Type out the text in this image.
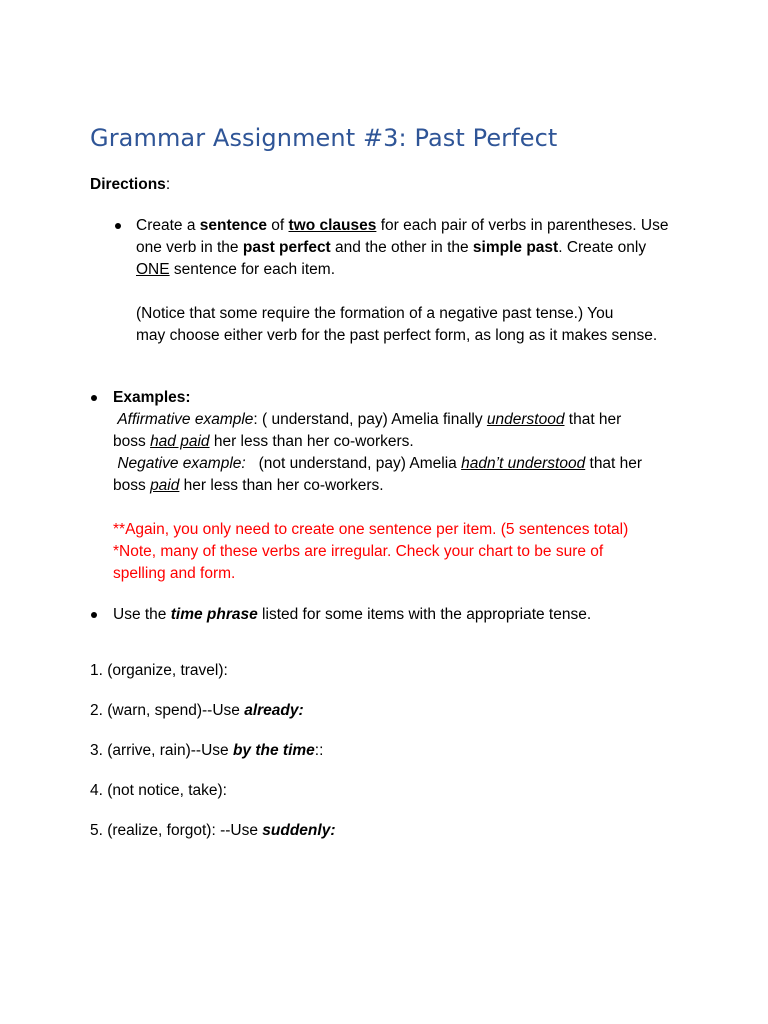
Grammar Assignment #3: Past Perfect
Directions:
Create a sentence of two clauses for each pair of verbs in parentheses. Use
one verb in the past perfect and the other in the simple past. Create only
ONE sentence for each item.
(Notice that some require the formation of a negative past tense.) You
may choose either verb for the past perfect form, as long as it makes sense.
Examples:
Affirmative example: ( understand, pay) Amelia finally understood that her
boss had paid her less than her co-workers.
Negative example:   (not understand, pay) Amelia hadn’t understood that her
boss paid her less than her co-workers.
**Again, you only need to create one sentence per item. (5 sentences total)
*Note, many of these verbs are irregular. Check your chart to be sure of
spelling and form.
Use the time phrase listed for some items with the appropriate tense.
1. (organize, travel):
2. (warn, spend)--Use already:
3. (arrive, rain)--Use by the time::
4. (not notice, take):
5. (realize, forgot): --Use suddenly:
